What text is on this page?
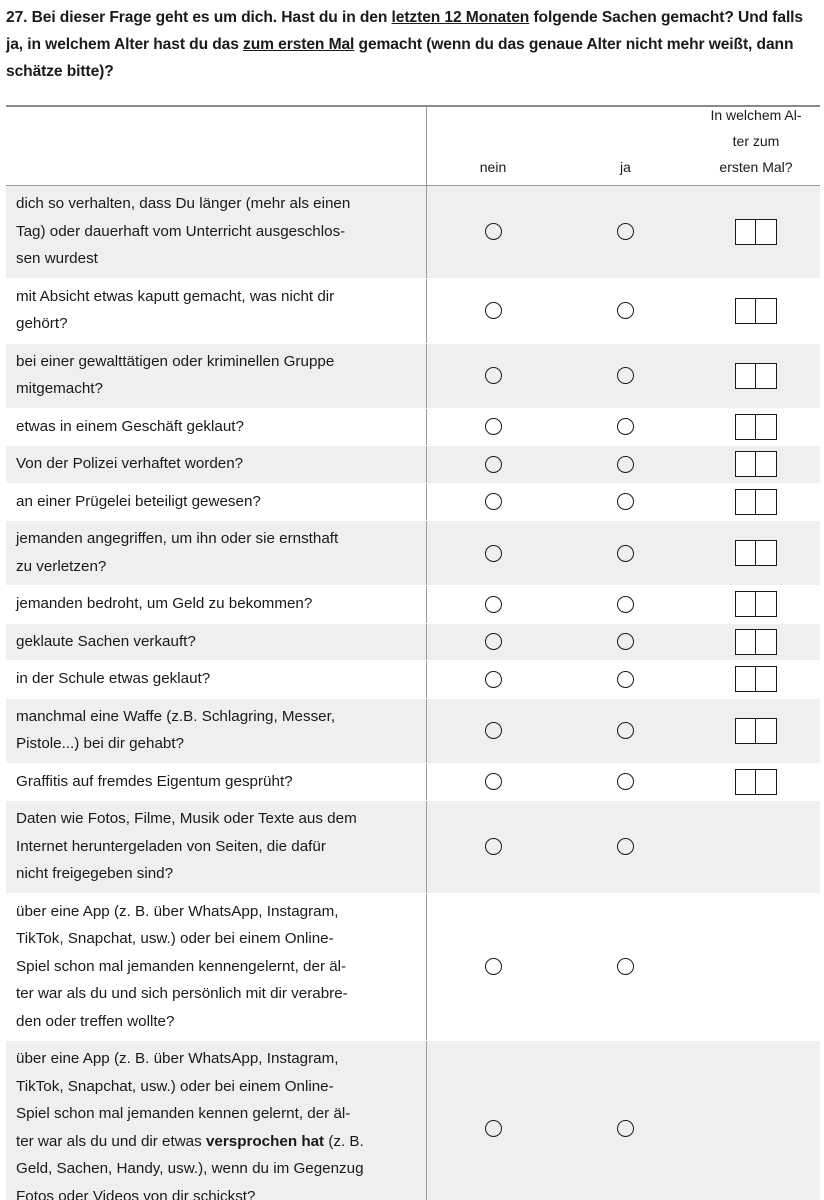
27. Bei dieser Frage geht es um dich. Hast du in den letzten 12 Monaten folgende Sachen gemacht? Und falls ja, in welchem Alter hast du das zum ersten Mal gemacht (wenn du das genaue Alter nicht mehr weißt, dann schätze bitte)?
nein	ja
In welchem Al-
ter zum
ersten Mal?
dich so verhalten, dass Du länger (mehr als einen
Tag) oder dauerhaft vom Unterricht ausgeschlos-
sen wurdest
mit Absicht etwas kaputt gemacht, was nicht dir
gehört?
bei einer gewalttätigen oder kriminellen Gruppe
mitgemacht?
etwas in einem Geschäft geklaut?
Von der Polizei verhaftet worden?
an einer Prügelei beteiligt gewesen?
jemanden angegriffen, um ihn oder sie ernsthaft
zu verletzen?
jemanden bedroht, um Geld zu bekommen?
geklaute Sachen verkauft?
in der Schule etwas geklaut?
manchmal eine Waffe (z.B. Schlagring, Messer,
Pistole...) bei dir gehabt?
Graffitis auf fremdes Eigentum gesprüht?
Daten wie Fotos, Filme, Musik oder Texte aus dem
Internet heruntergeladen von Seiten, die dafür
nicht freigegeben sind?
über eine App (z. B. über WhatsApp, Instagram,
TikTok, Snapchat, usw.) oder bei einem Online-
Spiel schon mal jemanden kennengelernt, der äl-
ter war als du und sich persönlich mit dir verabre-
den oder treffen wollte?
über eine App (z. B. über WhatsApp, Instagram,
TikTok, Snapchat, usw.) oder bei einem Online-
Spiel schon mal jemanden kennen gelernt, der äl-
ter war als du und dir etwas versprochen hat (z. B.
Geld, Sachen, Handy, usw.), wenn du im Gegenzug
Fotos oder Videos von dir schickst?
